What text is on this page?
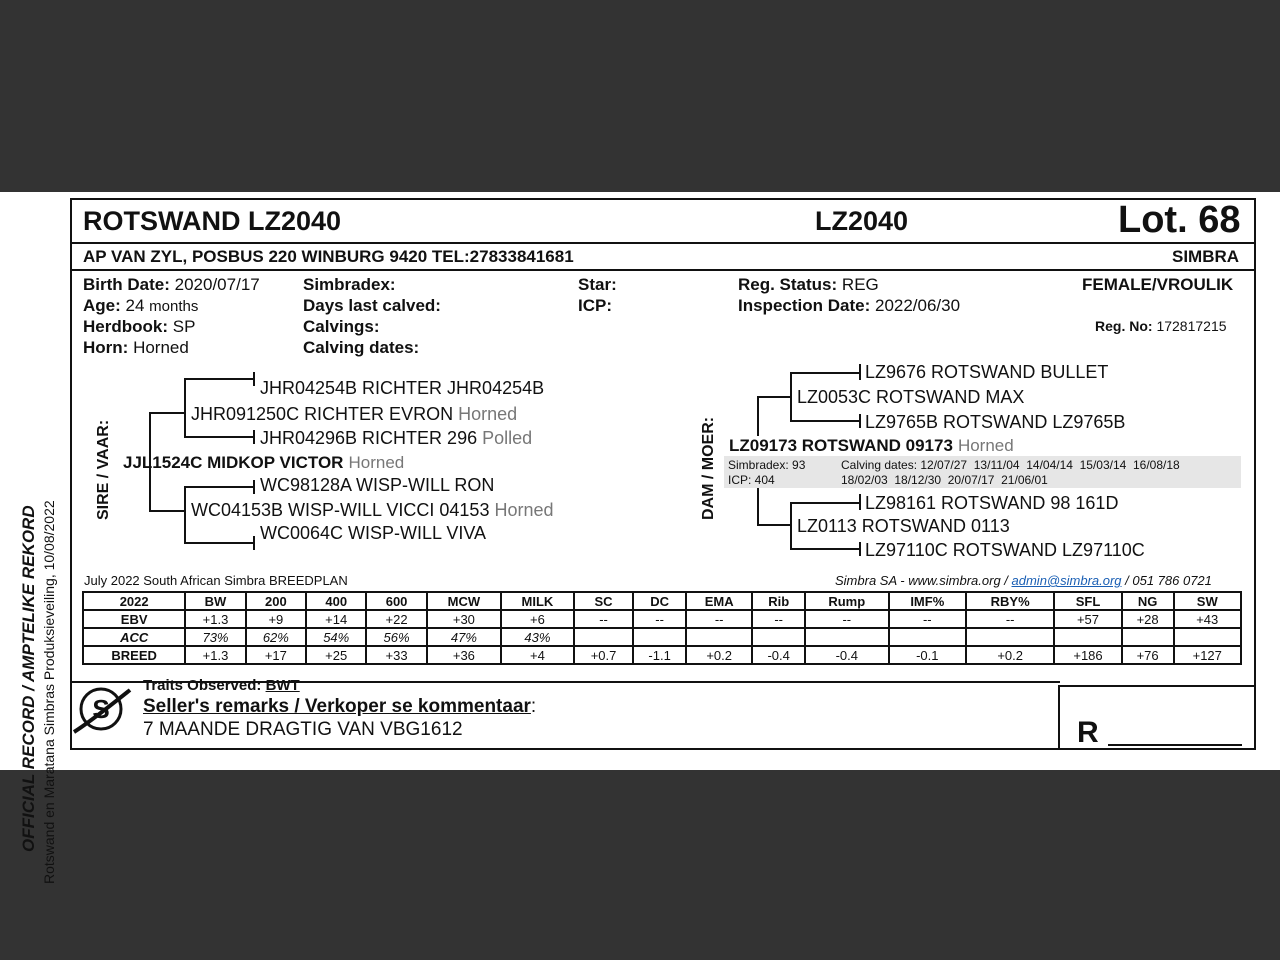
OFFICIAL RECORD / AMPTELIKE REKORD Rotswand en Maratana Simbras Produksieveiling, 10/08/2022
ROTSWAND LZ2040	LZ2040	Lot. 68
AP VAN ZYL, POSBUS 220 WINBURG 9420 TEL:27833841681	SIMBRA
Birth Date: 2020/07/17
Age: 24 months
Herdbook: SP
Horn: Horned
Simbradex:
Days last calved:
Calvings:
Calving dates:
Star:
ICP:
Reg. Status: REG
Inspection Date: 2022/06/30
FEMALE/VROULIK
Reg. No: 172817215
SIRE / VAAR:
JHR04254B RICHTER JHR04254B
JHR091250C RICHTER EVRON Horned
JHR04296B RICHTER 296 Polled
JJL1524C MIDKOP VICTOR Horned
WC98128A WISP-WILL RON
WC04153B WISP-WILL VICCI 04153 Horned
WC0064C WISP-WILL VIVA
DAM / MOER:
LZ9676 ROTSWAND BULLET
LZ0053C ROTSWAND MAX
LZ9765B ROTSWAND LZ9765B
LZ09173 ROTSWAND 09173 Horned
Simbradex: 93
ICP: 404
Calving dates: 12/07/27  13/11/04  14/04/14  15/03/14  16/08/18
18/02/03  18/12/30  20/07/17  21/06/01
LZ98161 ROTSWAND 98 161D
LZ0113 ROTSWAND 0113
LZ97110C ROTSWAND LZ97110C
July 2022 South African Simbra BREEDPLAN	Simbra SA - www.simbra.org / admin@simbra.org / 051 786 0721
2022	BW	200	400	600	MCW	MILK	SC	DC	EMA	Rib	Rump	IMF%	RBY%	SFL	NG	SW
EBV	+1.3	+9	+14	+22	+30	+6	--	--	--	--	--	--	--	+57	+28	+43
ACC	73%	62%	54%	56%	47%	43%										
BREED	+1.3	+17	+25	+33	+36	+4	+0.7	-1.1	+0.2	-0.4	-0.4	-0.1	+0.2	+186	+76	+127
S
Traits Observed: BWT
Seller's remarks / Verkoper se kommentaar:
7 MAANDE DRAGTIG VAN VBG1612	R
